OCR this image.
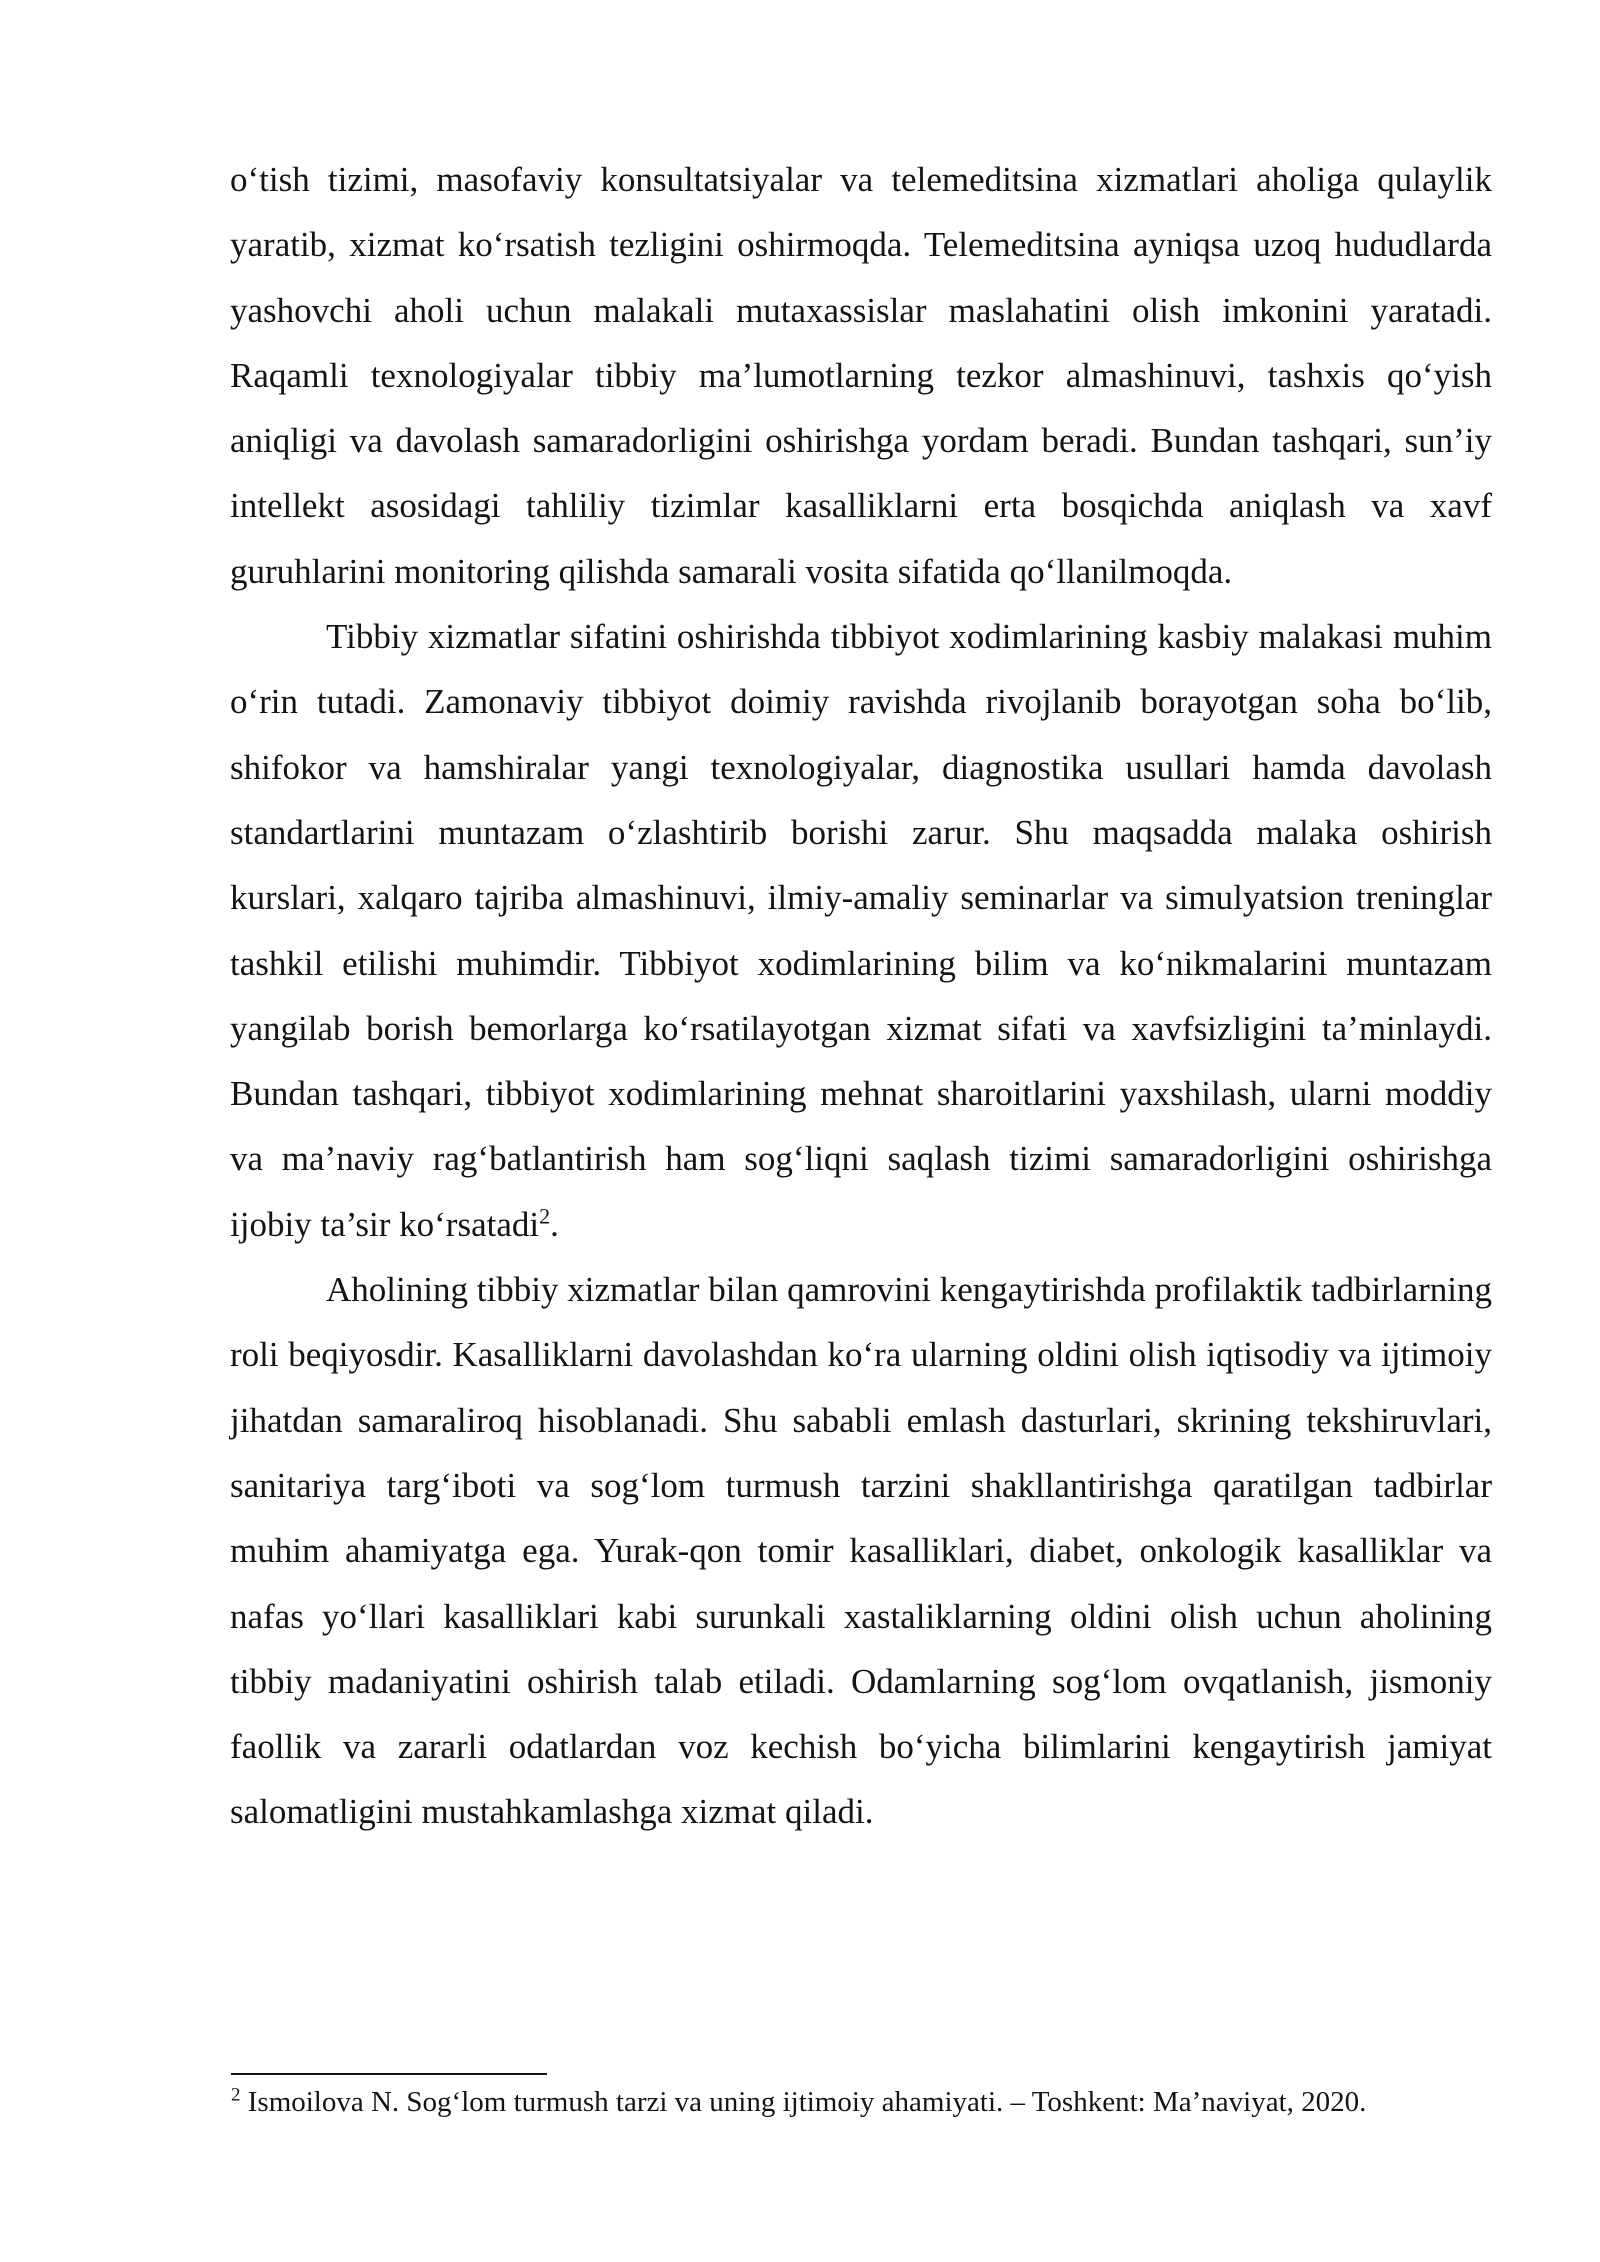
o‘tish tizimi, masofaviy konsultatsiyalar va telemeditsina xizmatlari aholiga qulaylik yaratib, xizmat ko‘rsatish tezligini oshirmoqda. Telemeditsina ayniqsa uzoq hududlarda yashovchi aholi uchun malakali mutaxassislar maslahatini olish imkonini yaratadi. Raqamli texnologiyalar tibbiy ma’lumotlarning tezkor almashinuvi, tashxis qo‘yish aniqligi va davolash samaradorligini oshirishga yordam beradi. Bundan tashqari, sun’iy intellekt asosidagi tahliliy tizimlar kasalliklarni erta bosqichda aniqlash va xavf guruhlarini monitoring qilishda samarali vosita sifatida qo‘llanilmoqda.

Tibbiy xizmatlar sifatini oshirishda tibbiyot xodimlarining kasbiy malakasi muhim o‘rin tutadi. Zamonaviy tibbiyot doimiy ravishda rivojlanib borayotgan soha bo‘lib, shifokor va hamshiralar yangi texnologiyalar, diagnostika usullari hamda davolash standartlarini muntazam o‘zlashtirib borishi zarur. Shu maqsadda malaka oshirish kurslari, xalqaro tajriba almashinuvi, ilmiy-amaliy seminarlar va simulyatsion treninglar tashkil etilishi muhimdir. Tibbiyot xodimlarining bilim va ko‘nikmalarini muntazam yangilab borish bemorlarga ko‘rsatilayotgan xizmat sifati va xavfsizligini ta’minlaydi. Bundan tashqari, tibbiyot xodimlarining mehnat sharoitlarini yaxshilash, ularni moddiy va ma’naviy rag‘batlantirish ham sog‘liqni saqlash tizimi samaradorligini oshirishga ijobiy ta’sir ko‘rsatadi$^2$.

Aholining tibbiy xizmatlar bilan qamrovini kengaytirishda profilaktik tadbirlarning roli beqiyosdir. Kasalliklarni davolashdan ko‘ra ularning oldini olish iqtisodiy va ijtimoiy jihatdan samaraliroq hisoblanadi. Shu sababli emlash dasturlari, skrining tekshiruvlari, sanitariya targ‘iboti va sog‘lom turmush tarzini shakllantirishga qaratilgan tadbirlar muhim ahamiyatga ega. Yurak-qon tomir kasalliklari, diabet, onkologik kasalliklar va nafas yo‘llari kasalliklari kabi surunkali xastaliklarning oldini olish uchun aholining tibbiy madaniyatini oshirish talab etiladi. Odamlarning sog‘lom ovqatlanish, jismoniy faollik va zararli odatlardan voz kechish bo‘yicha bilimlarini kengaytirish jamiyat salomatligini mustahkamlashga xizmat qiladi.

$^2$ Ismoilova N. Sog‘lom turmush tarzi va uning ijtimoiy ahamiyati. – Toshkent: Ma’naviyat, 2020.
